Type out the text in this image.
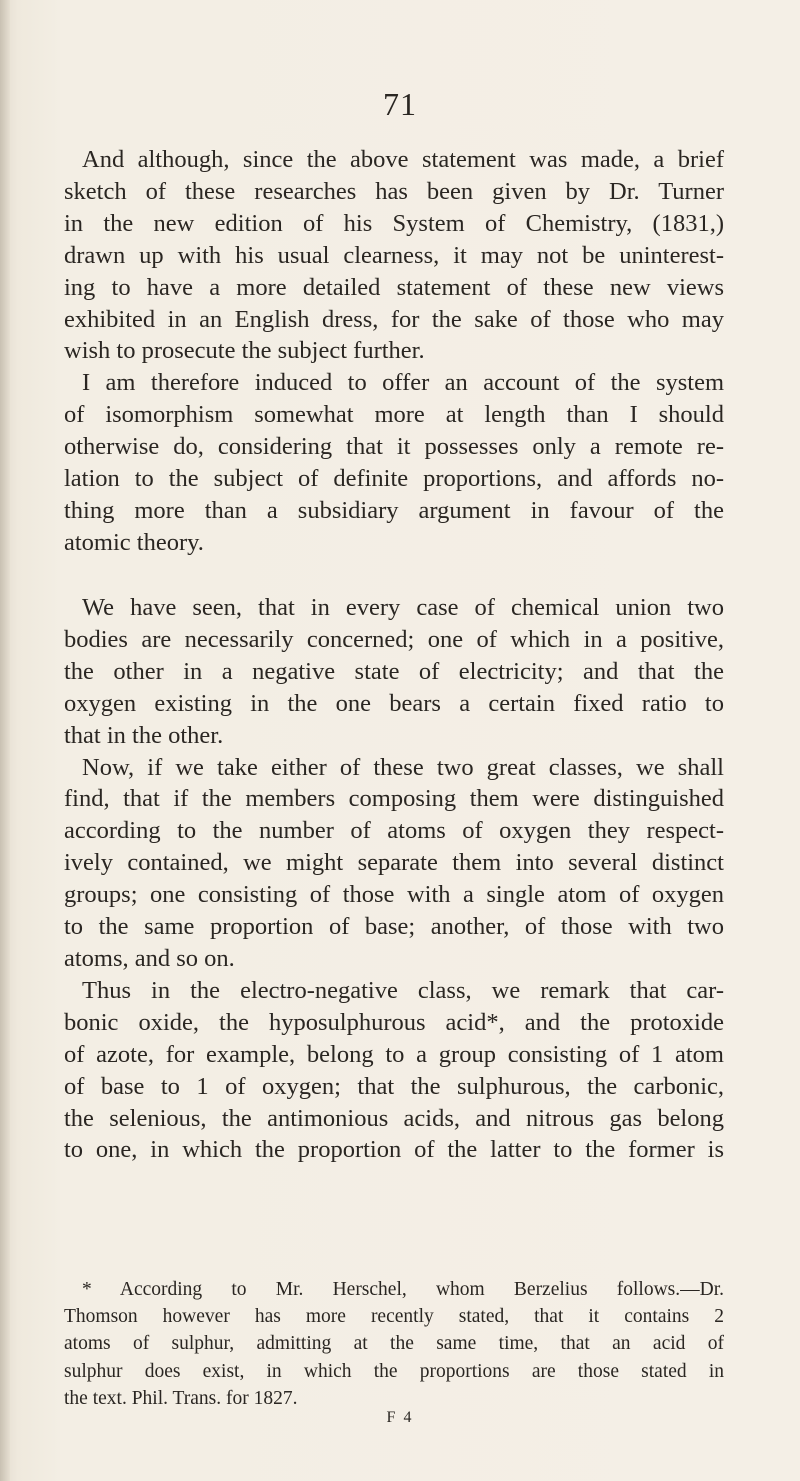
71
And although, since the above statement was made, a brief
sketch of these researches has been given by Dr. Turner
in the new edition of his System of Chemistry, (1831,)
drawn up with his usual clearness, it may not be uninterest-
ing to have a more detailed statement of these new views
exhibited in an English dress, for the sake of those who may
wish to prosecute the subject further.
I am therefore induced to offer an account of the system
of isomorphism somewhat more at length than I should
otherwise do, considering that it possesses only a remote re-
lation to the subject of definite proportions, and affords no-
thing more than a subsidiary argument in favour of the
atomic theory.
We have seen, that in every case of chemical union two
bodies are necessarily concerned; one of which in a positive,
the other in a negative state of electricity; and that the
oxygen existing in the one bears a certain fixed ratio to
that in the other.
Now, if we take either of these two great classes, we shall
find, that if the members composing them were distinguished
according to the number of atoms of oxygen they respect-
ively contained, we might separate them into several distinct
groups; one consisting of those with a single atom of oxygen
to the same proportion of base; another, of those with two
atoms, and so on.
Thus in the electro-negative class, we remark that car-
bonic oxide, the hyposulphurous acid*, and the protoxide
of azote, for example, belong to a group consisting of 1 atom
of base to 1 of oxygen; that the sulphurous, the carbonic,
the selenious, the antimonious acids, and nitrous gas belong
to one, in which the proportion of the latter to the former is
* According to Mr. Herschel, whom Berzelius follows.—Dr.
Thomson however has more recently stated, that it contains 2
atoms of sulphur, admitting at the same time, that an acid of
sulphur does exist, in which the proportions are those stated in
the text. Phil. Trans. for 1827.
F 4
